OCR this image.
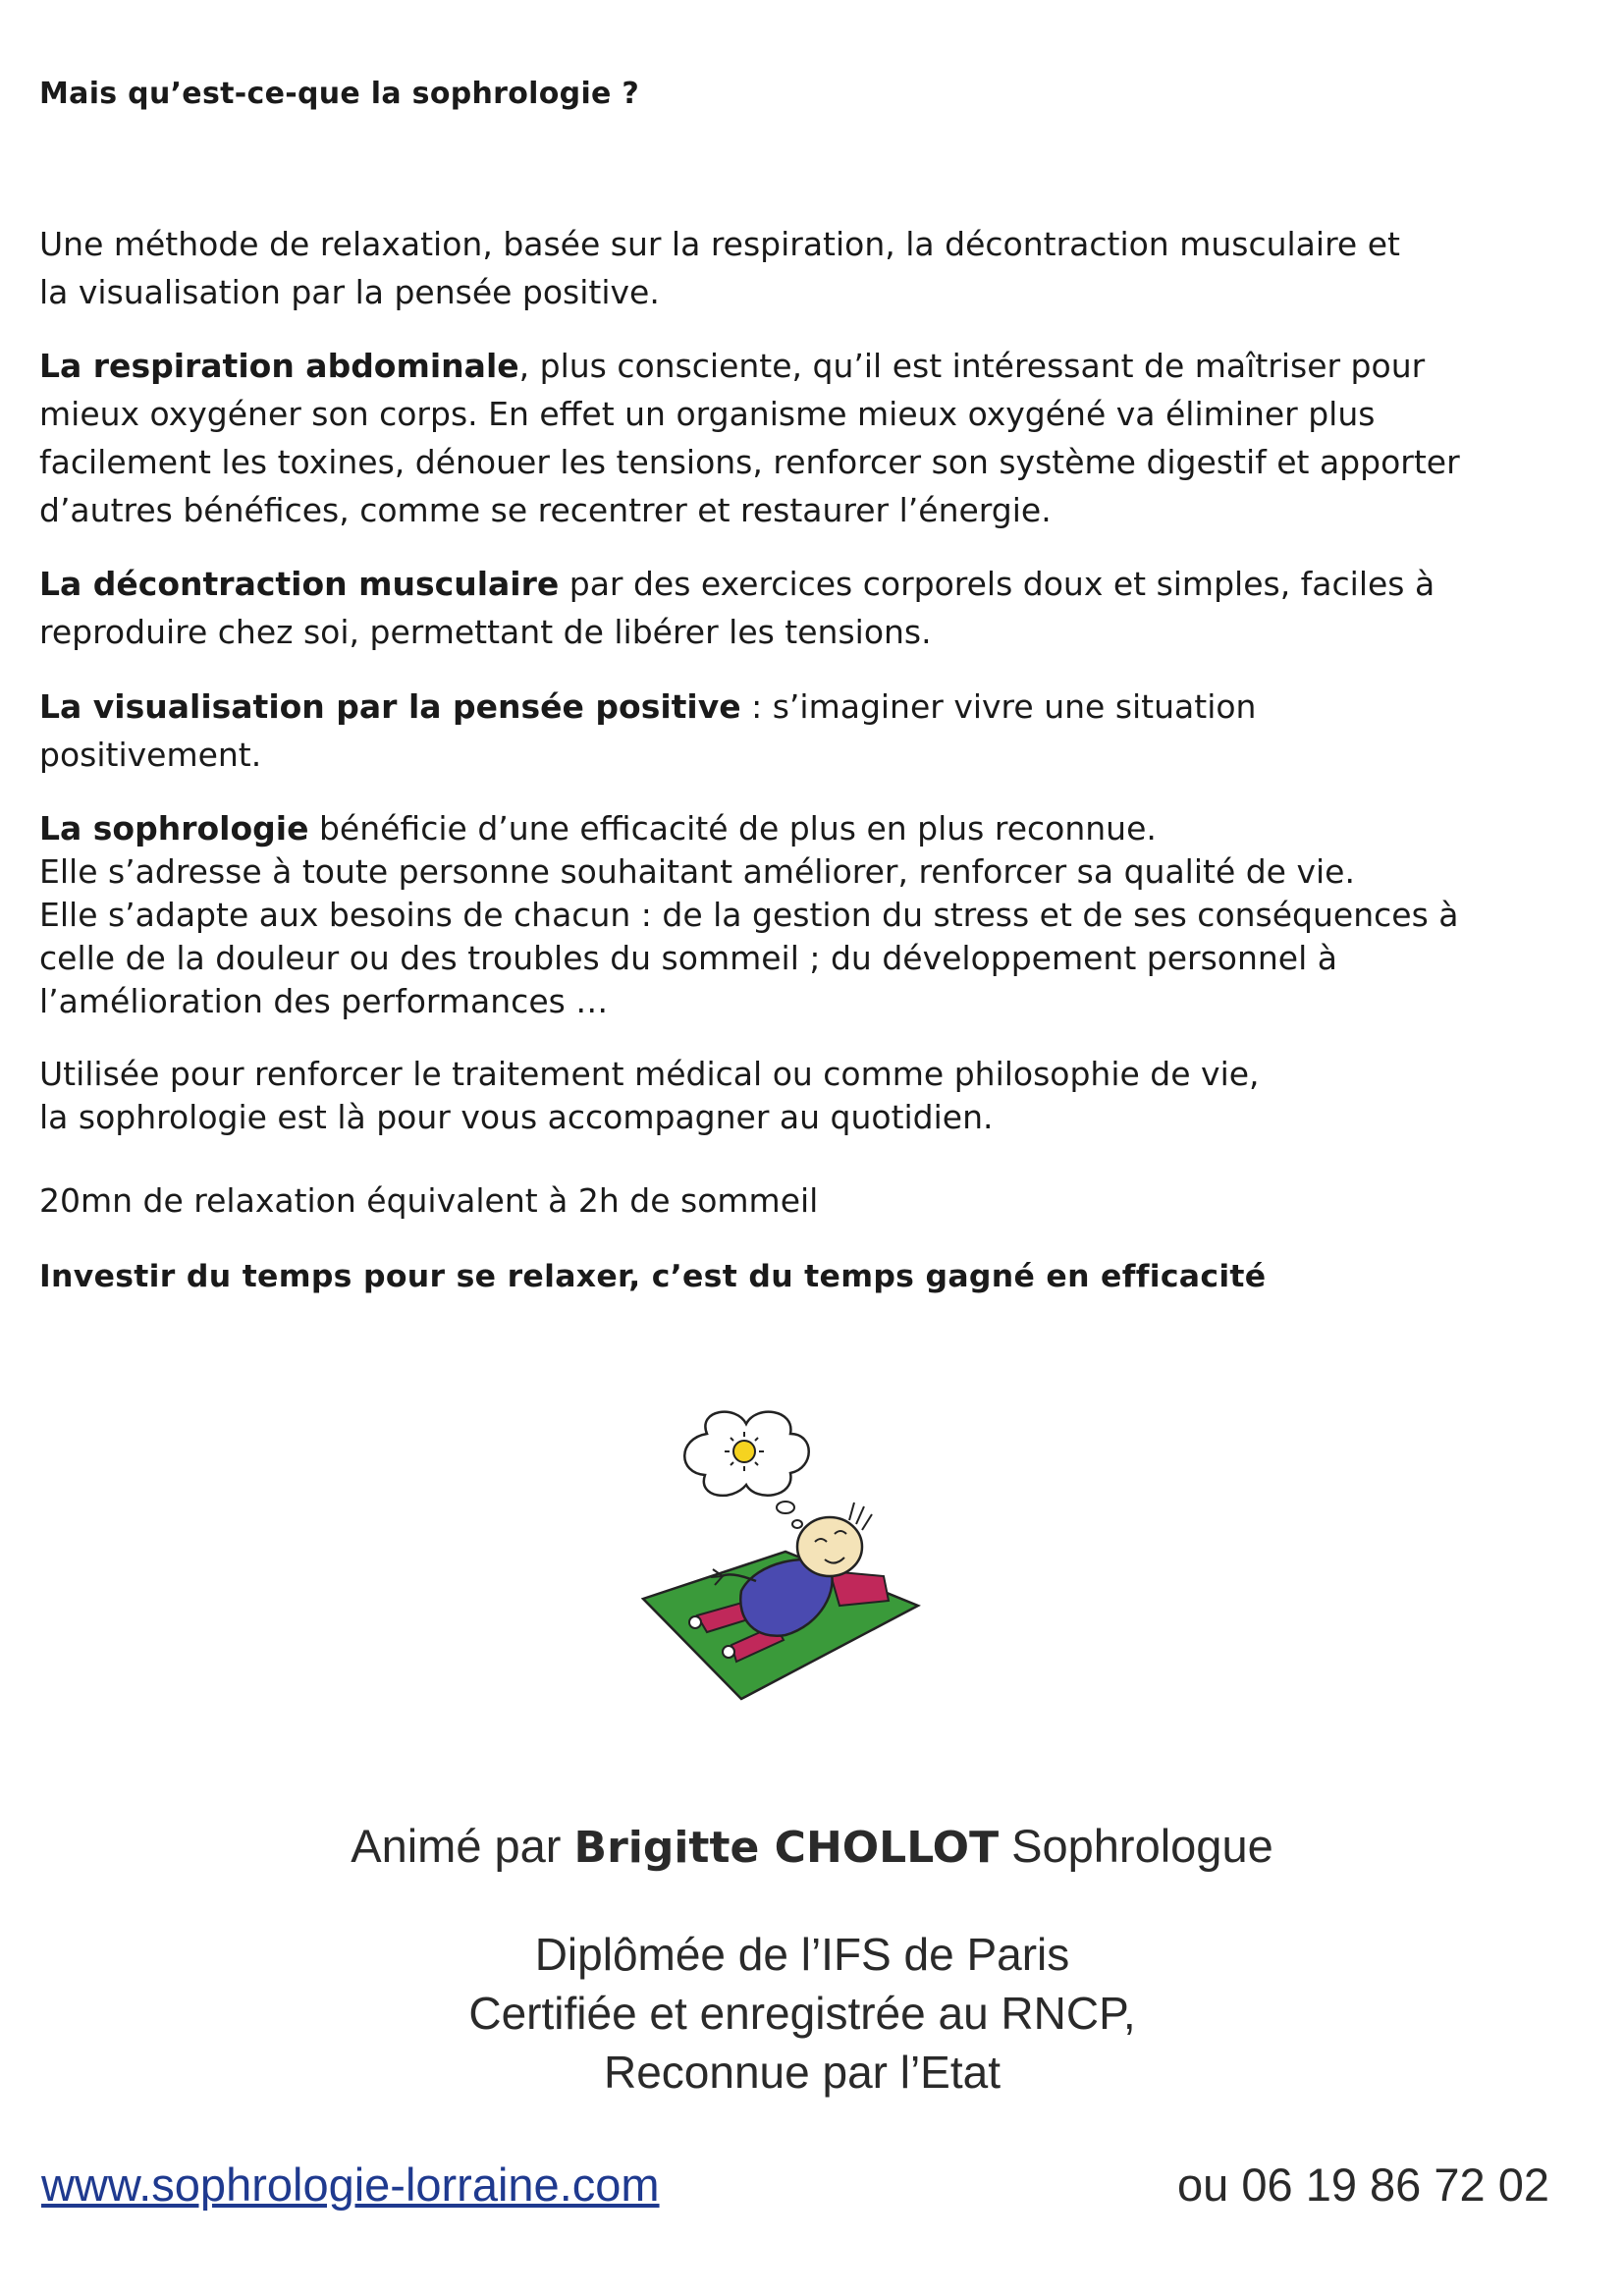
Mais qu’est-ce-que la sophrologie ?
Une méthode de relaxation, basée sur la respiration, la décontraction musculaire et
la visualisation par la pensée positive.
La respiration abdominale, plus consciente, qu’il est intéressant de maîtriser pour
mieux oxygéner son corps. En effet un organisme mieux oxygéné va éliminer plus
facilement les toxines, dénouer les tensions, renforcer son système digestif et apporter
d’autres bénéfices, comme se recentrer et restaurer l’énergie.
La décontraction musculaire par des exercices corporels doux et simples, faciles à
reproduire chez soi, permettant de libérer les tensions.
La visualisation par la pensée positive : s’imaginer vivre une situation
positivement.
La sophrologie bénéficie d’une efficacité de plus en plus reconnue.
Elle s’adresse à toute personne souhaitant améliorer, renforcer sa qualité de vie.
Elle s’adapte aux besoins de chacun : de la gestion du stress et de ses conséquences à
celle de la douleur ou des troubles du sommeil ; du développement personnel à
l’amélioration des performances …
Utilisée pour renforcer le traitement médical ou comme philosophie de vie,
la sophrologie est là pour vous accompagner au quotidien.
20mn de relaxation équivalent à 2h de sommeil
Investir du temps pour se relaxer, c’est du temps gagné en efficacité
Animé par Brigitte CHOLLOT Sophrologue
Diplômée de l’IFS de Paris
Certifiée et enregistrée au RNCP,
Reconnue par l’Etat
www.sophrologie-lorraine.com	ou 06 19 86 72 02
